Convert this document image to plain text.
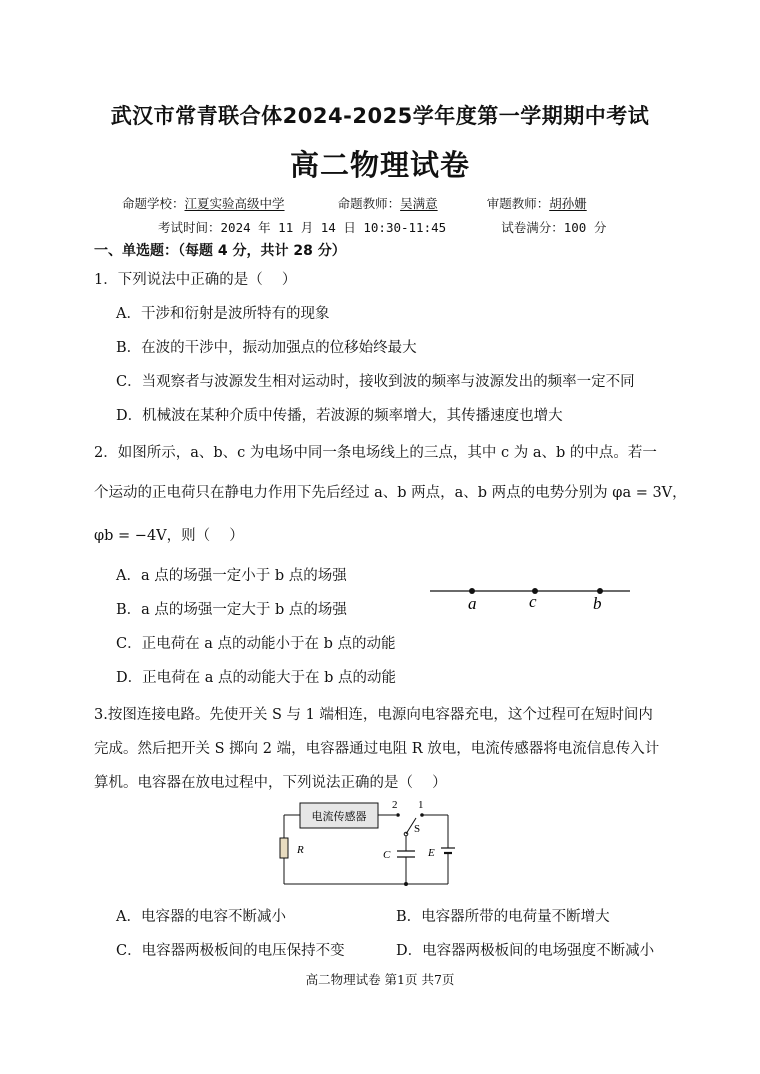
武汉市常青联合体2024-2025学年度第一学期期中考试
高二物理试卷
命题学校：江夏实验高级中学	命题教师：吴满意	审题教师：胡孙姗
考试时间：2024 年 11 月 14 日 10:30-11:45	试卷满分：100 分
一、单选题：（每题 4 分，共计 28 分）
1．下列说法中正确的是（　 ）
A．干涉和衍射是波所特有的现象
B．在波的干涉中，振动加强点的位移始终最大
C．当观察者与波源发生相对运动时，接收到波的频率与波源发出的频率一定不同
D．机械波在某种介质中传播，若波源的频率增大，其传播速度也增大
2．如图所示，a、b、c 为电场中同一条电场线上的三点，其中 c 为 a、b 的中点。若一
个运动的正电荷只在静电力作用下先后经过 a、b 两点，a、b 两点的电势分别为 φa = 3V，
φb = −4V，则（　 ）
A．a 点的场强一定小于 b 点的场强
B．a 点的场强一定大于 b 点的场强
C．正电荷在 a 点的动能小于在 b 点的动能
D．正电荷在 a 点的动能大于在 b 点的动能
a	c	b
3.按图连接电路。先使开关 S 与 1 端相连，电源向电容器充电，这个过程可在短时间内
完成。然后把开关 S 掷向 2 端，电容器通过电阻 R 放电，电流传感器将电流信息传入计
算机。电容器在放电过程中，下列说法正确的是（　 ）
电流传感器
R
2 1
E
S
C
A．电容器的电容不断减小	B．电容器所带的电荷量不断增大
C．电容器两极板间的电压保持不变	D．电容器两极板间的电场强度不断减小
高二物理试卷 第1页 共7页
